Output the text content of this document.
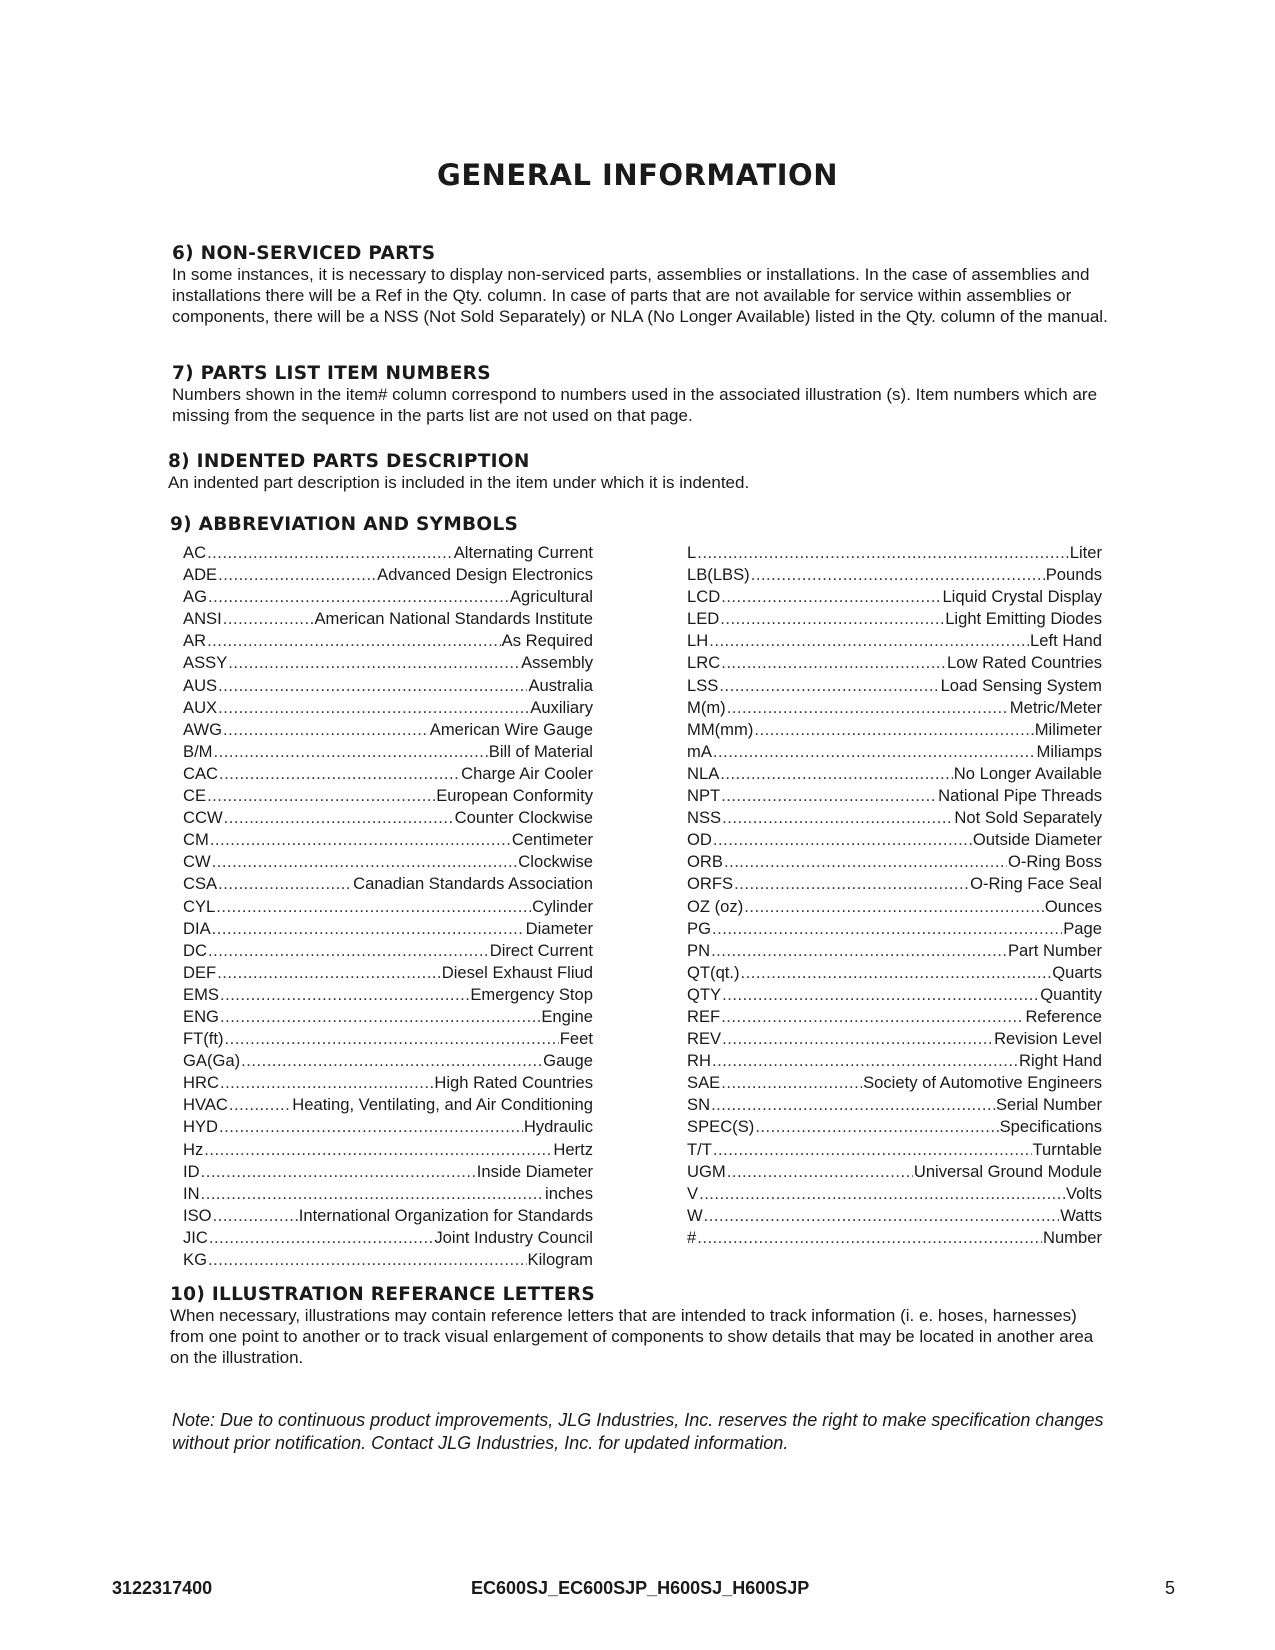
GENERAL INFORMATION
6) NON-SERVICED PARTS

In some instances, it is necessary to display non-serviced parts, assemblies or installations. In the case of assemblies and installations there will be a Ref in the Qty. column. In case of parts that are not available for service within assemblies or components, there will be a NSS (Not Sold Separately) or NLA (No Longer Available) listed in the Qty. column of the manual.

7) PARTS LIST ITEM NUMBERS

Numbers shown in the item# column correspond to numbers used in the associated illustration (s). Item numbers which are missing from the sequence in the parts list are not used on that page.

8) INDENTED PARTS DESCRIPTION

An indented part description is included in the item under which it is indented.

9) ABBREVIATION AND SYMBOLS
AC .....	Alternating Current
ADE .....	Advanced Design Electronics
AG .....	Agricultural
ANSI .....	American National Standards Institute
AR .....	As Required
ASSY .....	Assembly
AUS .....	Australia
AUX .....	Auxiliary
AWG .....	American Wire Gauge
B/M .....	Bill of Material
CAC .....	Charge Air Cooler
CE .....	European Conformity
CCW .....	Counter Clockwise
CM .....	Centimeter
CW .....	Clockwise
CSA .....	Canadian Standards Association
CYL .....	Cylinder
DIA .....	Diameter
DC .....	Direct Current
DEF .....	Diesel Exhaust Fliud
EMS .....	Emergency Stop
ENG .....	Engine
FT(ft) .....	Feet
GA(Ga) .....	Gauge
HRC .....	High Rated Countries
HVAC .....	Heating, Ventilating, and Air Conditioning
HYD .....	Hydraulic
Hz .....	Hertz
ID .....	Inside Diameter
IN .....	inches
ISO .....	International Organization for Standards
JIC .....	Joint Industry Council
KG .....	Kilogram
L .....	Liter
LB(LBS) .....	Pounds
LCD .....	Liquid Crystal Display
LED .....	Light Emitting Diodes
LH .....	Left Hand
LRC .....	Low Rated Countries
LSS .....	Load Sensing System
M(m) .....	Metric/Meter
MM(mm) .....	Milimeter
mA .....	Miliamps
NLA .....	No Longer Available
NPT .....	National Pipe Threads
NSS .....	Not Sold Separately
OD .....	Outside Diameter
ORB .....	O-Ring Boss
ORFS .....	O-Ring Face Seal
OZ (oz) .....	Ounces
PG .....	Page
PN .....	Part Number
QT(qt.) .....	Quarts
QTY .....	Quantity
REF .....	Reference
REV .....	Revision Level
RH .....	Right Hand
SAE .....	Society of Automotive Engineers
SN .....	Serial Number
SPEC(S) .....	Specifications
T/T .....	Turntable
UGM .....	Universal Ground Module
V .....	Volts
W .....	Watts
# .....	Number
10) ILLUSTRATION REFERANCE LETTERS

When necessary, illustrations may contain reference letters that are intended to track information (i. e. hoses, harnesses) from one point to another or to track visual enlargement of components to show details that may be located in another area on the illustration.

Note: Due to continuous product improvements, JLG Industries, Inc. reserves the right to make specification changes without prior notification. Contact JLG Industries, Inc. for updated information.

3122317400	EC600SJ_EC600SJP_H600SJ_H600SJP	5
